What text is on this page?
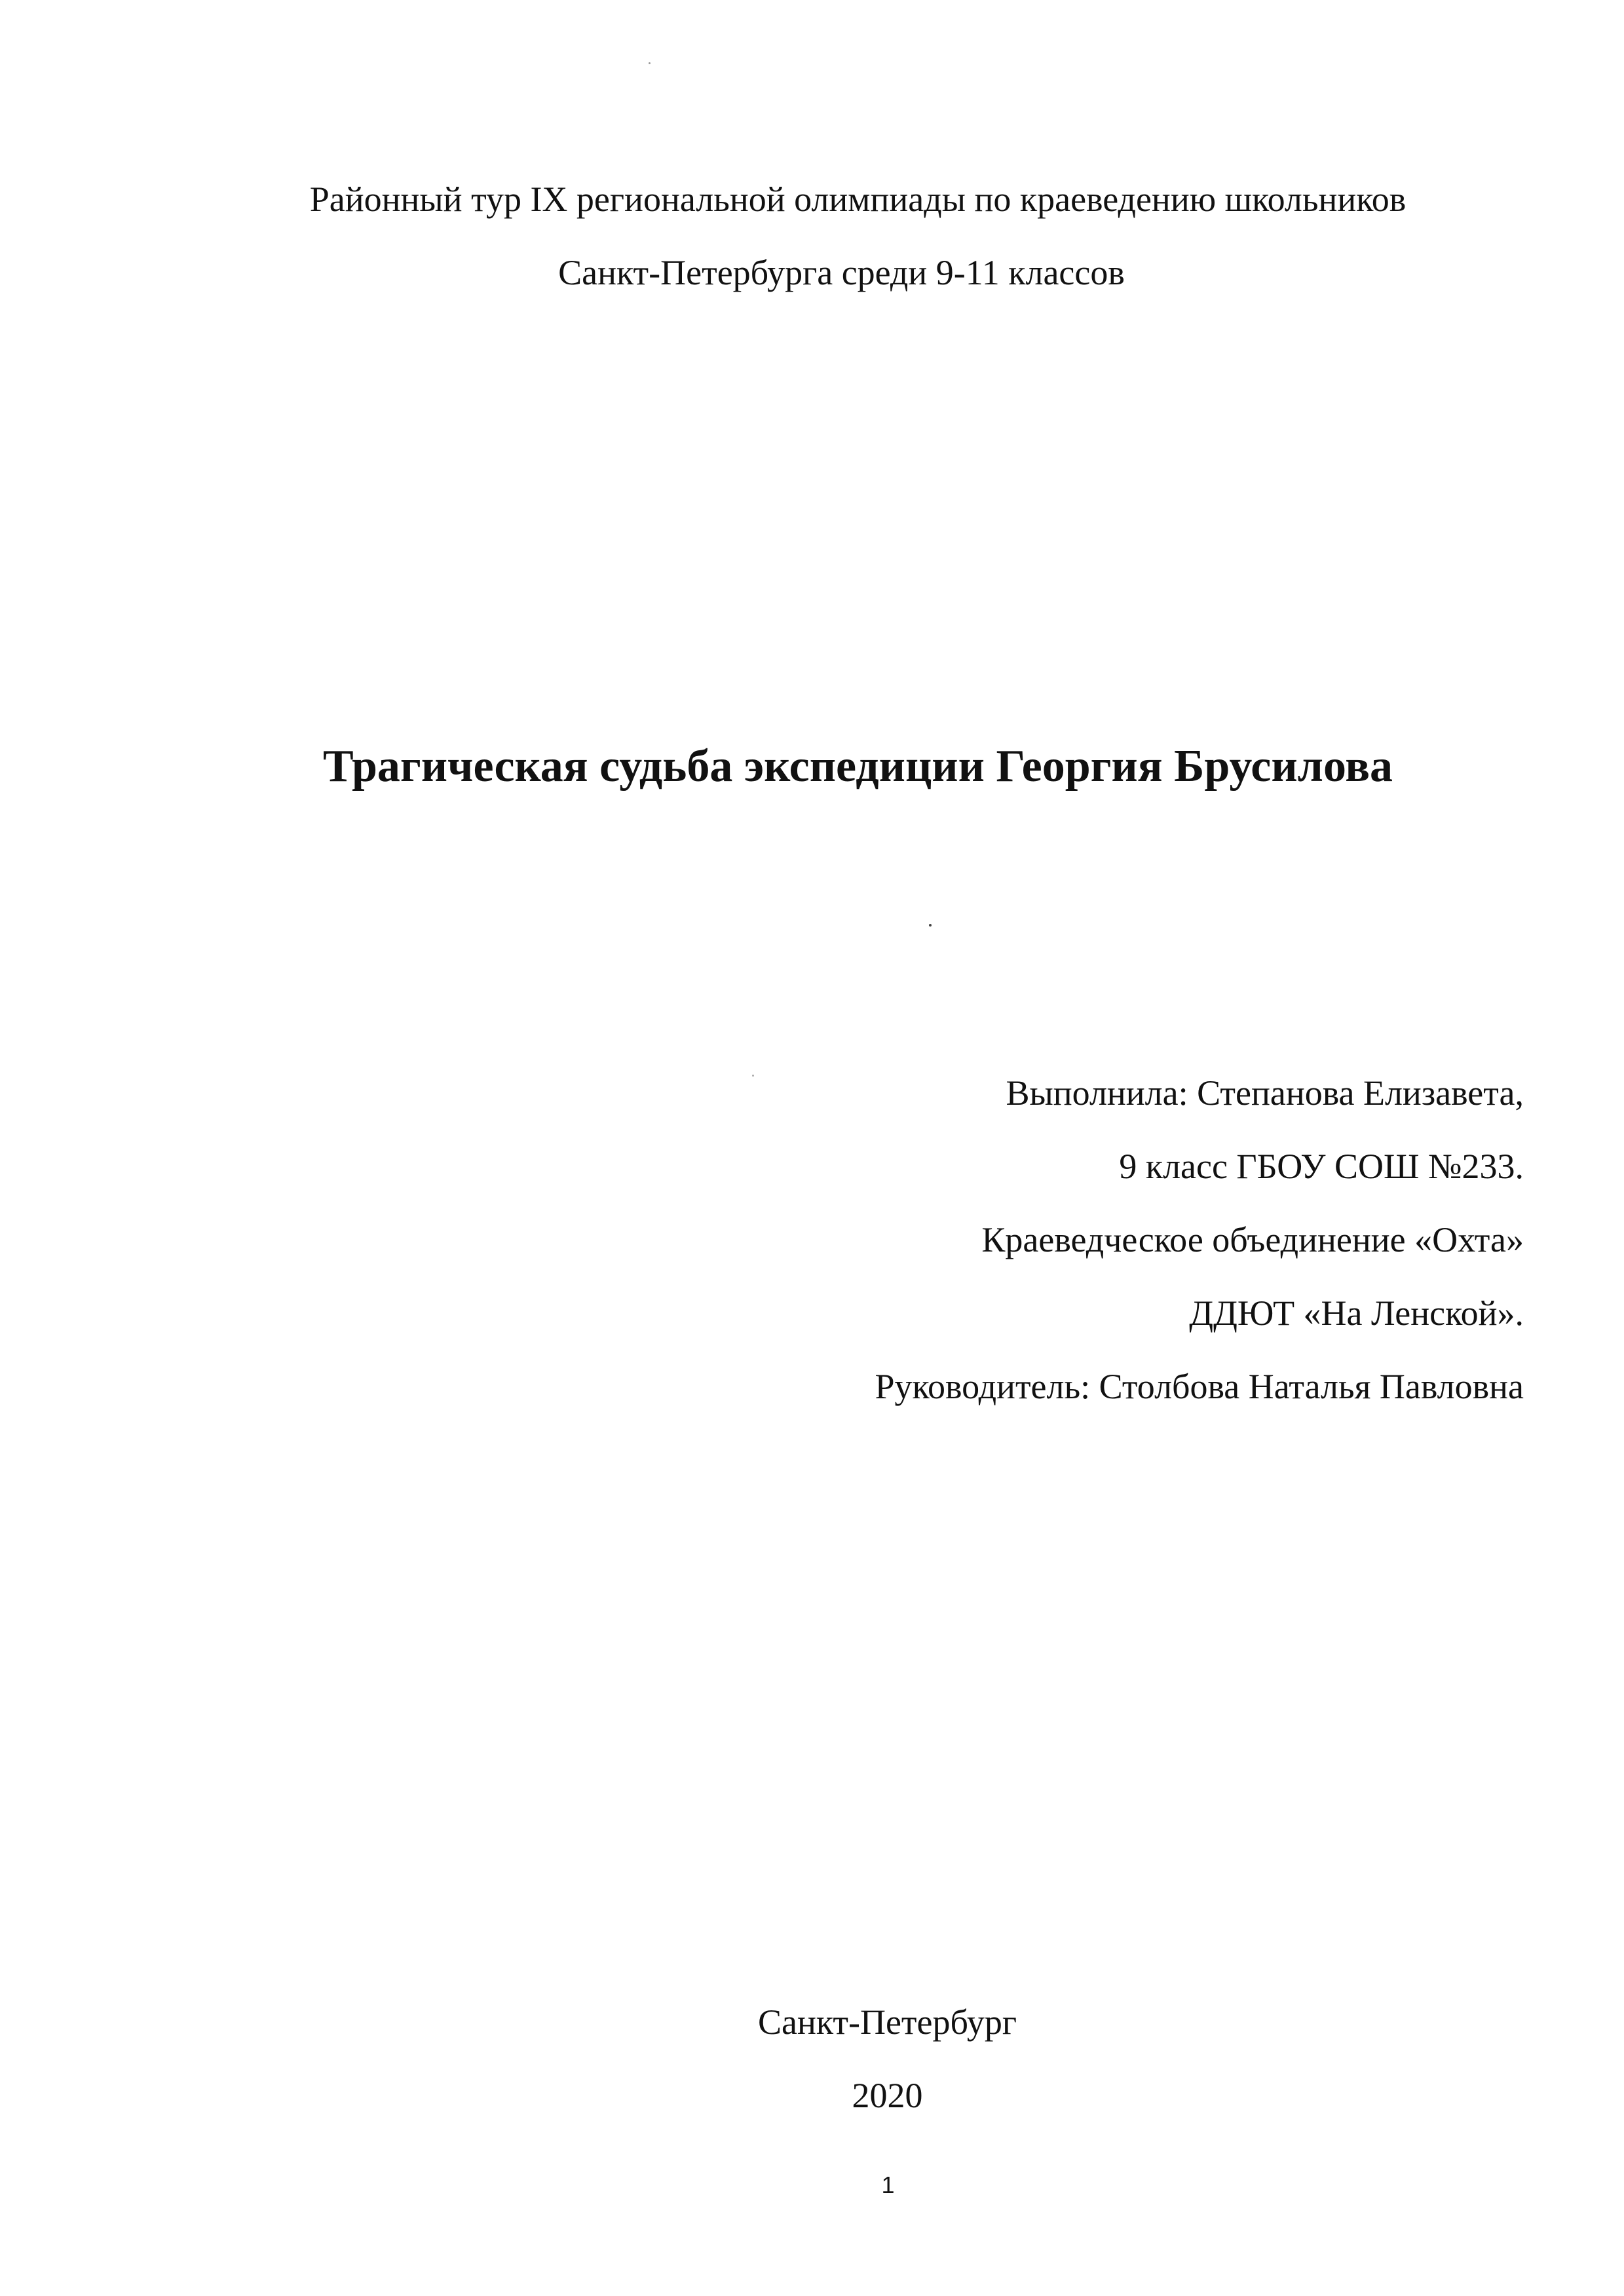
Районный тур IX региональной олимпиады по краеведению школьников
Санкт-Петербурга среди 9-11 классов
Трагическая судьба экспедиции Георгия Брусилова
Выполнила: Степанова Елизавета,
9 класс ГБОУ СОШ №233.
Краеведческое объединение «Охта»
ДДЮТ «На Ленской».
Руководитель: Столбова Наталья Павловна
Санкт-Петербург
2020
1
